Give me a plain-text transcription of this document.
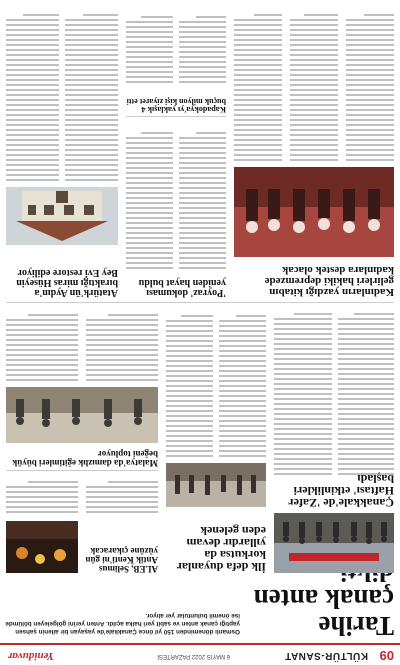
09
KÜLTÜR-SANAT
6 MAYIS 2022 PAZARTESİ
Yeniduvar
Tarihe çanak anten
Osmanlı döneminden 150 yıl önce Çanakkale'de yaşayan bir ailenin şahsen yaptığı çanak anten ve sabit yeri halka açıldı. Anten yerini gölgeleyen bölümde ise önemli buluntular yer alıyor.
Çanakkale'de 'Zafer Haftası' etkinlikleri başladı
İlk defa duyanlar korkutsa da yıllardır devam eden gelenek
ALEB, Selimus Antik Kenti'ni gün yüzüne çıkaracak
Malatya'da damızlık eğitimleri büyük beğeni topluyor
Kadınların yazdığı kitabın gelirleri hakiki depremzede kadınlara destek olacak
'Poyraz' dokuması yeniden hayat buldu
Kapadokya'yı yaklaşık 4 buçuk milyon kişi ziyaret etti
Atatürk'ün Aydın'a bıraktığı miras Hüseyin Bey Evi restore ediliyor
